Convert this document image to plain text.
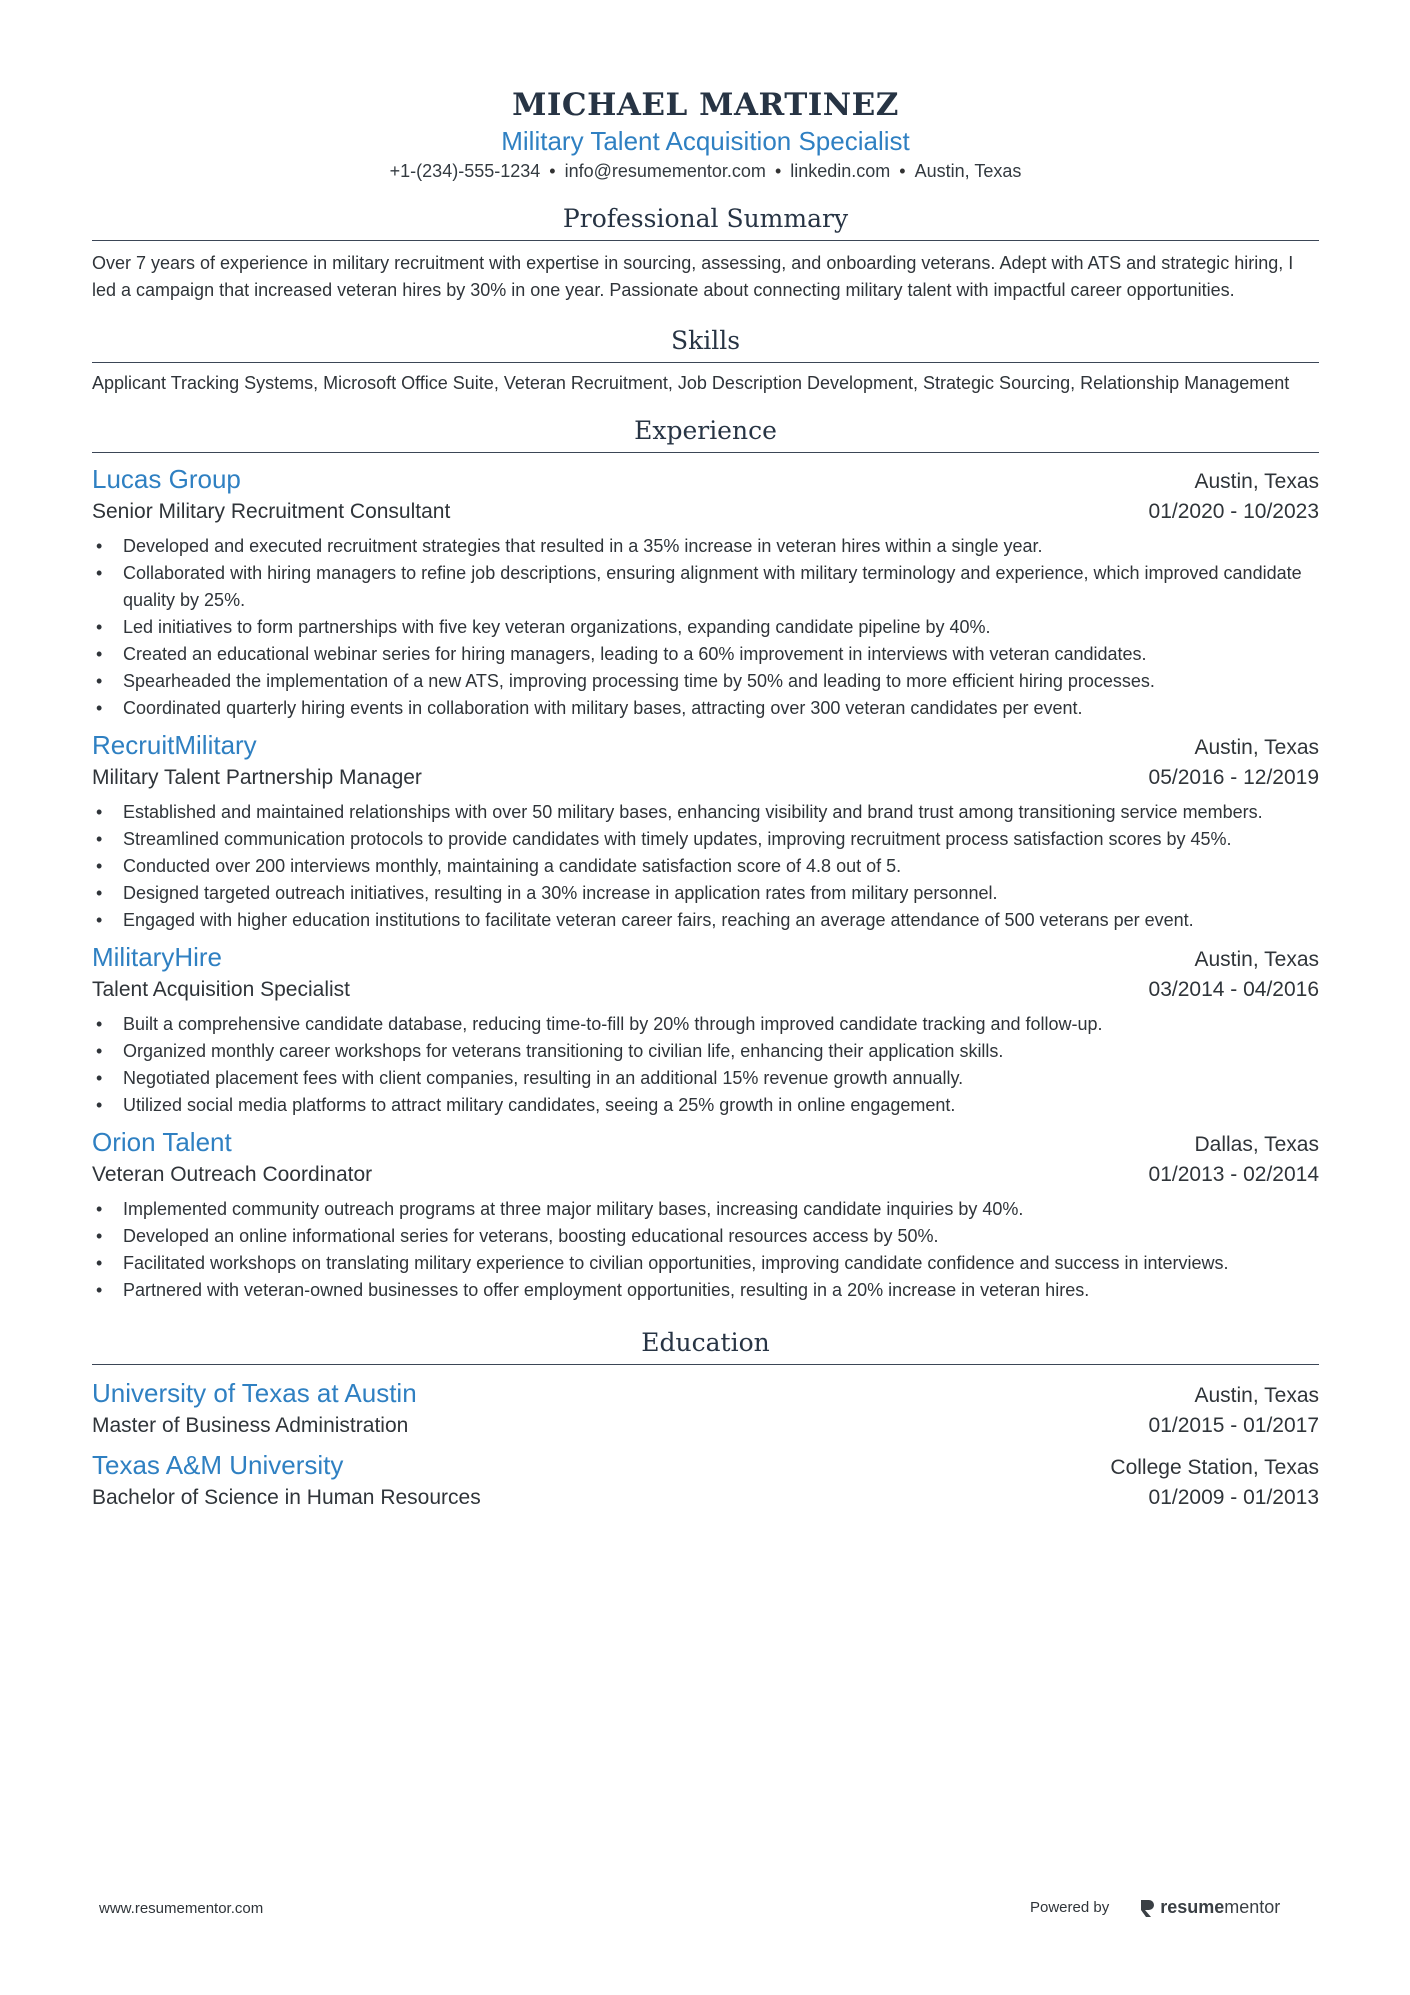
MICHAEL MARTINEZ
Military Talent Acquisition Specialist
+1-(234)-555-1234 • info@resumementor.com • linkedin.com • Austin, Texas
Professional Summary
Over 7 years of experience in military recruitment with expertise in sourcing, assessing, and onboarding veterans. Adept with ATS and strategic hiring, I led a campaign that increased veteran hires by 30% in one year. Passionate about connecting military talent with impactful career opportunities.
Skills
Applicant Tracking Systems, Microsoft Office Suite, Veteran Recruitment, Job Description Development, Strategic Sourcing, Relationship Management
Experience
Lucas Group	Austin, Texas
Senior Military Recruitment Consultant	01/2020 - 10/2023
• Developed and executed recruitment strategies that resulted in a 35% increase in veteran hires within a single year.
• Collaborated with hiring managers to refine job descriptions, ensuring alignment with military terminology and experience, which improved candidate quality by 25%.
• Led initiatives to form partnerships with five key veteran organizations, expanding candidate pipeline by 40%.
• Created an educational webinar series for hiring managers, leading to a 60% improvement in interviews with veteran candidates.
• Spearheaded the implementation of a new ATS, improving processing time by 50% and leading to more efficient hiring processes.
• Coordinated quarterly hiring events in collaboration with military bases, attracting over 300 veteran candidates per event.
RecruitMilitary	Austin, Texas
Military Talent Partnership Manager	05/2016 - 12/2019
• Established and maintained relationships with over 50 military bases, enhancing visibility and brand trust among transitioning service members.
• Streamlined communication protocols to provide candidates with timely updates, improving recruitment process satisfaction scores by 45%.
• Conducted over 200 interviews monthly, maintaining a candidate satisfaction score of 4.8 out of 5.
• Designed targeted outreach initiatives, resulting in a 30% increase in application rates from military personnel.
• Engaged with higher education institutions to facilitate veteran career fairs, reaching an average attendance of 500 veterans per event.
MilitaryHire	Austin, Texas
Talent Acquisition Specialist	03/2014 - 04/2016
• Built a comprehensive candidate database, reducing time-to-fill by 20% through improved candidate tracking and follow-up.
• Organized monthly career workshops for veterans transitioning to civilian life, enhancing their application skills.
• Negotiated placement fees with client companies, resulting in an additional 15% revenue growth annually.
• Utilized social media platforms to attract military candidates, seeing a 25% growth in online engagement.
Orion Talent	Dallas, Texas
Veteran Outreach Coordinator	01/2013 - 02/2014
• Implemented community outreach programs at three major military bases, increasing candidate inquiries by 40%.
• Developed an online informational series for veterans, boosting educational resources access by 50%.
• Facilitated workshops on translating military experience to civilian opportunities, improving candidate confidence and success in interviews.
• Partnered with veteran-owned businesses to offer employment opportunities, resulting in a 20% increase in veteran hires.
Education
University of Texas at Austin	Austin, Texas
Master of Business Administration	01/2015 - 01/2017
Texas A&M University	College Station, Texas
Bachelor of Science in Human Resources	01/2009 - 01/2013
www.resumementor.com	Powered by	resume mentor
